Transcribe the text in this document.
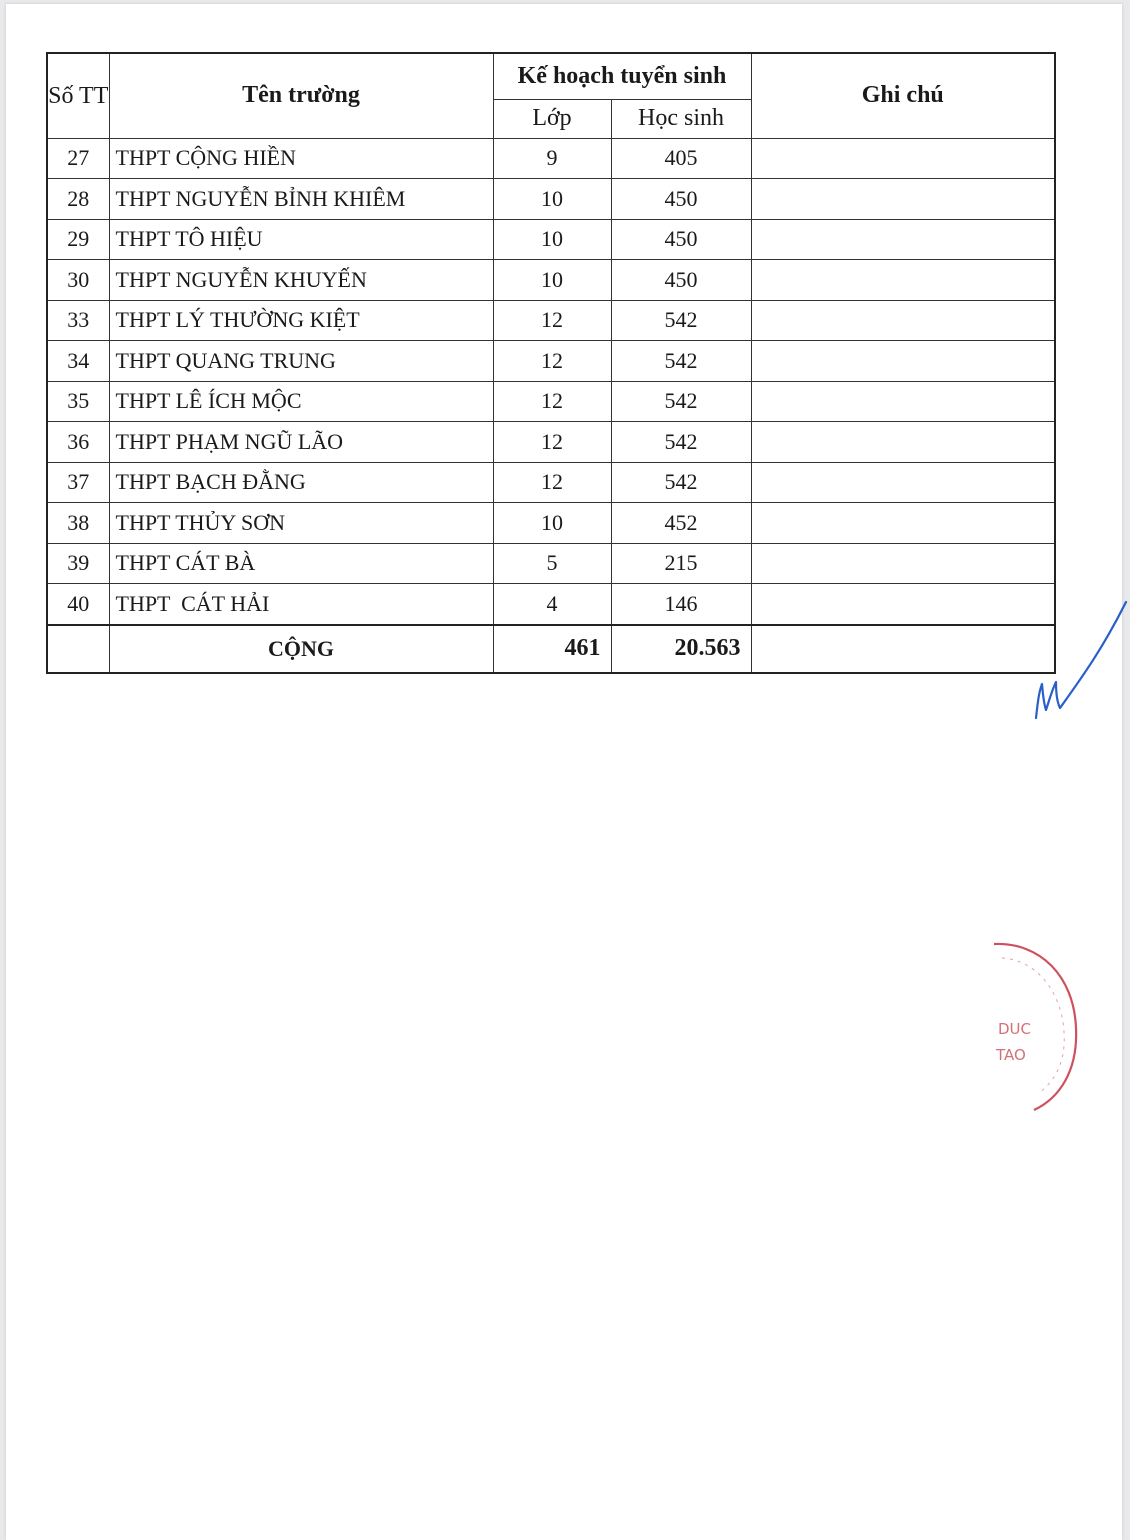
Số TT	Tên trường	Kế hoạch tuyển sinh		Ghi chú
		Lớp	Học sinh	
27	THPT CỘNG HIỀN	9	405	
28	THPT NGUYỄN BỈNH KHIÊM	10	450	
29	THPT TÔ HIỆU	10	450	
30	THPT NGUYỄN KHUYẾN	10	450	
33	THPT LÝ THƯỜNG KIỆT	12	542	
34	THPT QUANG TRUNG	12	542	
35	THPT LÊ ÍCH MỘC	12	542	
36	THPT PHẠM NGŨ LÃO	12	542	
37	THPT BẠCH ĐẰNG	12	542	
38	THPT THỦY SƠN	10	452	
39	THPT CÁT BÀ	5	215	
40	THPT  CÁT HẢI	4	146	
	CỘNG	461	20.563	
DUC
TAO
